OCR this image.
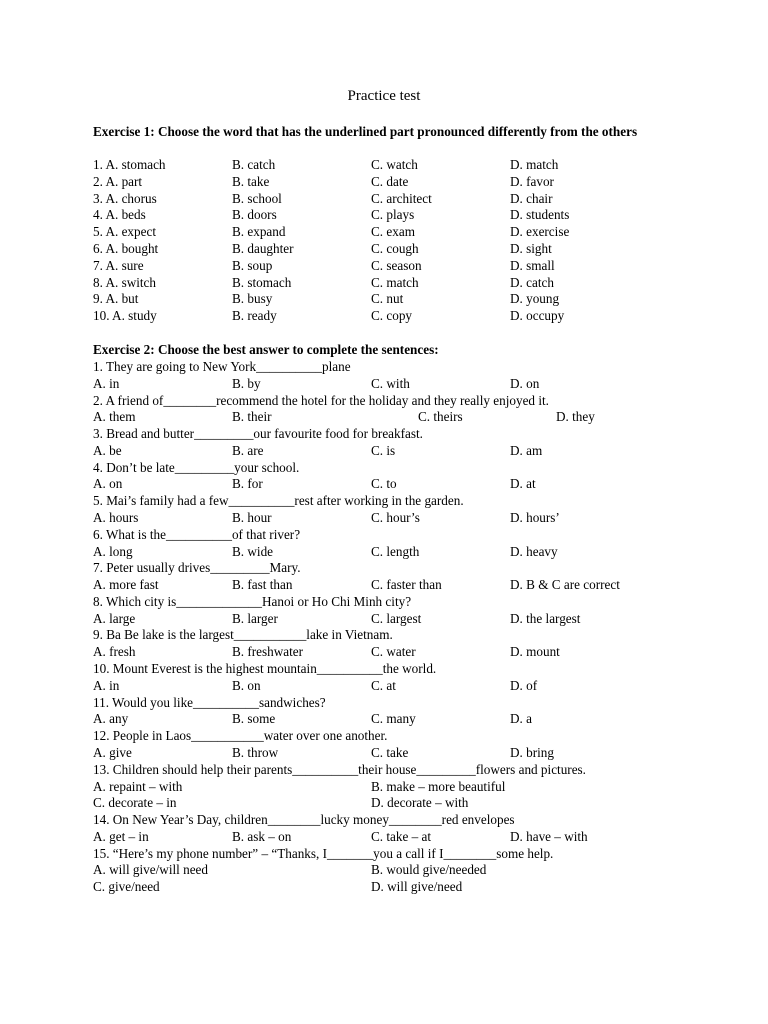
Practice test
Exercise 1: Choose the word that has the underlined part pronounced differently from the others
1. A. stomach	B. catch	C. watch	D. match
2. A. part	B. take	C. date	D. favor
3. A. chorus	B. school	C. architect	D. chair
4. A. beds	B. doors	C. plays	D. students
5. A. expect	B. expand	C. exam	D. exercise
6. A. bought	B. daughter	C. cough	D. sight
7. A. sure	B. soup	C. season	D. small
8. A. switch	B. stomach	C. match	D. catch
9. A. but	B. busy	C. nut	D. young
10. A. study	B. ready	C. copy	D. occupy
Exercise 2: Choose the best answer to complete the sentences:
1. They are going to New York__________plane
A. in	B. by	C. with	D. on
2. A friend of________recommend the hotel for the holiday and they really enjoyed it.
A. them	B. their	C. theirs	D. they
3. Bread and butter_________our favourite food for breakfast.
A. be	B. are	C. is	D. am
4. Don’t be late_________your school.
A. on	B. for	C. to	D. at
5. Mai’s family had a few__________rest after working in the garden.
A. hours	B. hour	C. hour’s	D. hours’
6. What is the__________of that river?
A. long	B. wide	C. length	D. heavy
7. Peter usually drives_________Mary.
A. more fast	B. fast than	C. faster than	D. B & C are correct
8. Which city is_____________Hanoi or Ho Chi Minh city?
A. large	B. larger	C. largest	D. the largest
9. Ba Be lake is the largest___________lake in Vietnam.
A. fresh	B. freshwater	C. water	D. mount
10. Mount Everest is the highest mountain__________the world.
A. in	B. on	C. at	D. of
11. Would you like__________sandwiches?
A. any	B. some	C. many	D. a
12. People in Laos___________water over one another.
A. give	B. throw	C. take	D. bring
13. Children should help their parents__________their house_________flowers and pictures.
A. repaint – with	B. make – more beautiful
C. decorate – in	D. decorate – with
14. On New Year’s Day, children________lucky money________red envelopes
A. get – in	B. ask – on	C. take – at	D. have – with
15. “Here’s my phone number” – “Thanks, I_______you a call if I________some help.
A. will give/will need	B. would give/needed
C. give/need	D. will give/need
